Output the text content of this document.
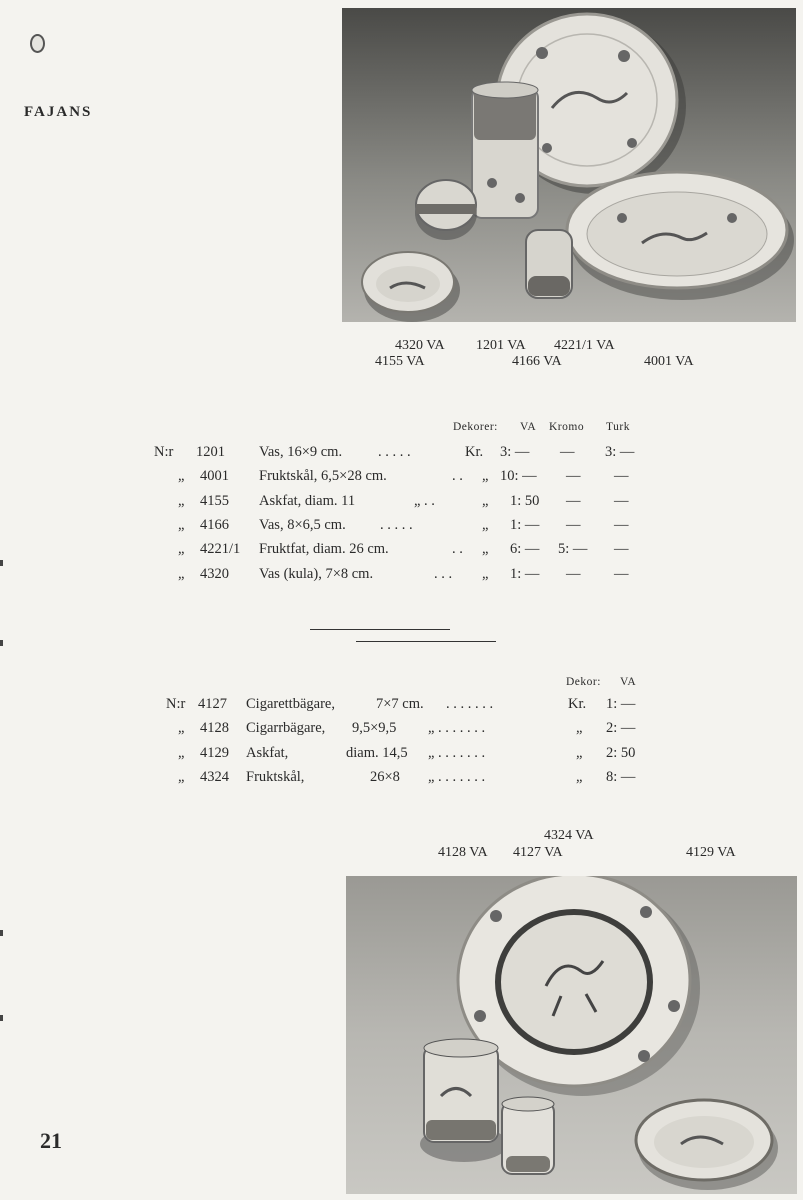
FAJANS
4320 VA 1201 VA 4221/1 VA
4155 VA	4166 VA	4001 VA
Dekorer: VA Kromo Turk
N:r 1201 Vas, 16×9 cm. . . . . .	Kr. 3: — — 3: —
„ 4001 Fruktskål, 6,5×28 cm.	. . „ 10: — — —
„ 4155 Askfat, diam. 11	„ . .	„ 1: 50 — —
„ 4166 Vas, 8×6,5 cm. . . . . .	„ 1: — — —
„ 4221/1 Fruktfat, diam. 26 cm.	. . „ 6: — 5: — —
„ 4320 Vas (kula), 7×8 cm.	. . . „ 1: — — —
Dekor: VA
N:r 4127 Cigarettbägare,	7×7 cm. . . . . . . .	Kr. 1: —
„ 4128 Cigarrbägare, 9,5×9,5 „ . . . . . . .	„ 2: —
„ 4129 Askfat,	diam. 14,5 „ . . . . . . .	„ 2: 50
„ 4324 Fruktskål,	26×8 „ . . . . . . .	„ 8: —
4324 VA
4128 VA 4127 VA	4129 VA
21
